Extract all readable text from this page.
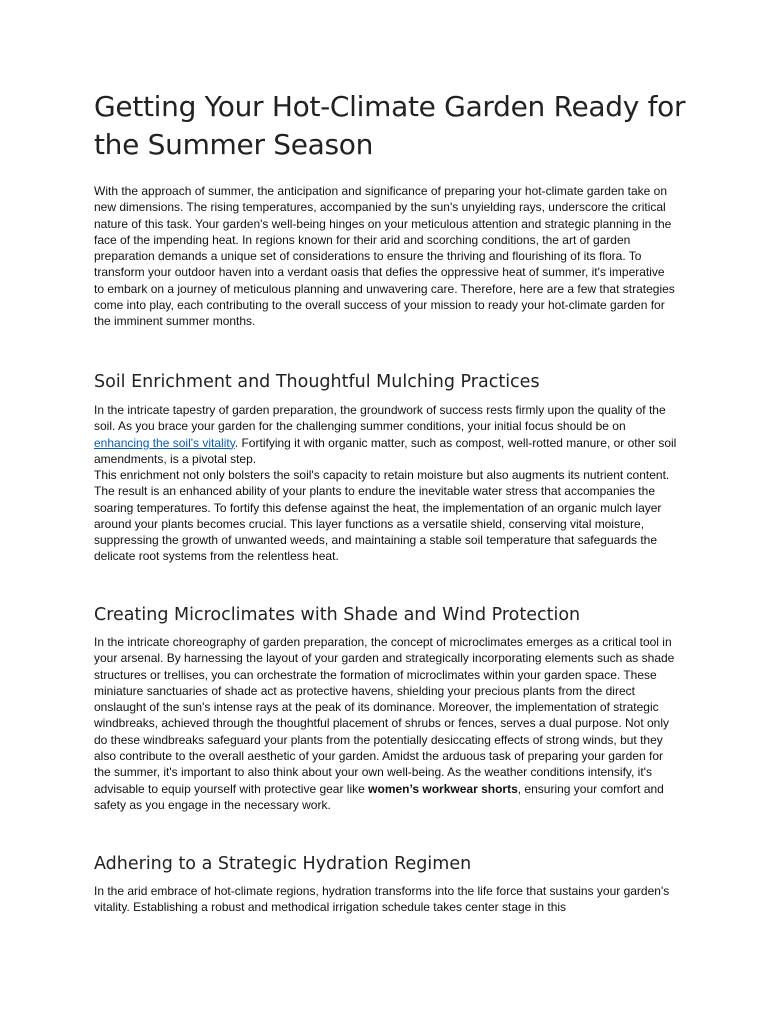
Getting Your Hot-Climate Garden Ready for the Summer Season

With the approach of summer, the anticipation and significance of preparing your hot-climate garden take on new dimensions. The rising temperatures, accompanied by the sun's unyielding rays, underscore the critical nature of this task. Your garden's well-being hinges on your meticulous attention and strategic planning in the face of the impending heat. In regions known for their arid and scorching conditions, the art of garden preparation demands a unique set of considerations to ensure the thriving and flourishing of its flora. To transform your outdoor haven into a verdant oasis that defies the oppressive heat of summer, it's imperative to embark on a journey of meticulous planning and unwavering care. Therefore, here are a few that strategies come into play, each contributing to the overall success of your mission to ready your hot-climate garden for the imminent summer months.

Soil Enrichment and Thoughtful Mulching Practices

In the intricate tapestry of garden preparation, the groundwork of success rests firmly upon the quality of the soil. As you brace your garden for the challenging summer conditions, your initial focus should be on enhancing the soil's vitality. Fortifying it with organic matter, such as compost, well-rotted manure, or other soil amendments, is a pivotal step.

This enrichment not only bolsters the soil's capacity to retain moisture but also augments its nutrient content. The result is an enhanced ability of your plants to endure the inevitable water stress that accompanies the soaring temperatures. To fortify this defense against the heat, the implementation of an organic mulch layer around your plants becomes crucial. This layer functions as a versatile shield, conserving vital moisture, suppressing the growth of unwanted weeds, and maintaining a stable soil temperature that safeguards the delicate root systems from the relentless heat.

Creating Microclimates with Shade and Wind Protection

In the intricate choreography of garden preparation, the concept of microclimates emerges as a critical tool in your arsenal. By harnessing the layout of your garden and strategically incorporating elements such as shade structures or trellises, you can orchestrate the formation of microclimates within your garden space. These miniature sanctuaries of shade act as protective havens, shielding your precious plants from the direct onslaught of the sun's intense rays at the peak of its dominance. Moreover, the implementation of strategic windbreaks, achieved through the thoughtful placement of shrubs or fences, serves a dual purpose. Not only do these windbreaks safeguard your plants from the potentially desiccating effects of strong winds, but they also contribute to the overall aesthetic of your garden. Amidst the arduous task of preparing your garden for the summer, it's important to also think about your own well-being. As the weather conditions intensify, it's advisable to equip yourself with protective gear like women’s workwear shorts, ensuring your comfort and safety as you engage in the necessary work.

Adhering to a Strategic Hydration Regimen

In the arid embrace of hot-climate regions, hydration transforms into the life force that sustains your garden's vitality. Establishing a robust and methodical irrigation schedule takes center stage in this
